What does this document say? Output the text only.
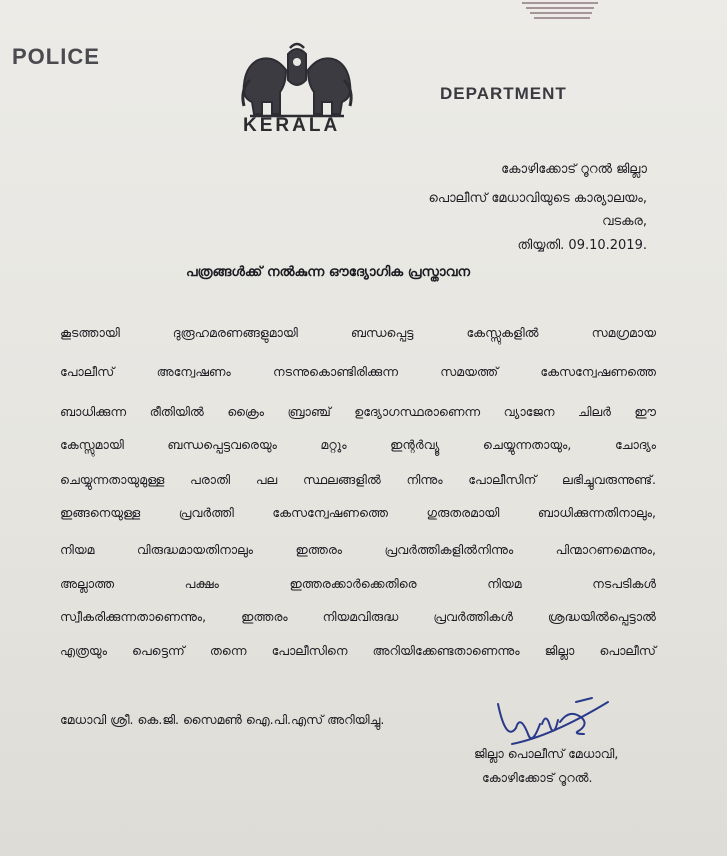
POLICE
KERALA
DEPARTMENT
കോഴിക്കോട് റൂറൽ ജില്ലാ
പൊലീസ് മേധാവിയുടെ കാര്യാലയം,
വടകര,
തിയ്യതി. 09.10.2019.
പത്രങ്ങൾക്ക് നൽകുന്ന ഔദ്യോഗിക പ്രസ്താവന
കൂടത്തായി	ദുരൂഹമരണങ്ങളുമായി	ബന്ധപ്പെട്ട	കേസ്സുകളിൽ	സമഗ്രമായ
പോലീസ്	അന്വേഷണം	നടന്നുകൊണ്ടിരിക്കുന്ന	സമയത്ത്	കേസന്വേഷണത്തെ
ബാധിക്കുന്ന രീതിയിൽ ക്രൈം ബ്രാഞ്ച് ഉദ്യോഗസ്ഥരാണെന്ന വ്യാജേന ചിലർ ഈ
കേസ്സുമായി	ബന്ധപ്പെട്ടവരെയും	മറ്റും	ഇന്റർവ്യൂ	ചെയ്യുന്നതായും,	ചോദ്യം
ചെയ്യുന്നതായുമുള്ള പരാതി പല സ്ഥലങ്ങളിൽ നിന്നും പോലീസിന് ലഭിച്ചുവരുന്നുണ്ട്.
ഇങ്ങനെയുള്ള	പ്രവർത്തി	കേസന്വേഷണത്തെ	ഗുരുതരമായി	ബാധിക്കുന്നതിനാലും,
നിയമ	വിരുദ്ധമായതിനാലും	ഇത്തരം	പ്രവർത്തികളിൽനിന്നും	പിന്മാറണമെന്നും,
അല്ലാത്ത	പക്ഷം	ഇത്തരക്കാർക്കെതിരെ	നിയമ	നടപടികൾ
സ്വീകരിക്കുന്നതാണെന്നും,	ഇത്തരം	നിയമവിരുദ്ധ	പ്രവർത്തികൾ	ശ്രദ്ധയിൽപ്പെട്ടാൽ
എത്രയും പെട്ടെന്ന് തന്നെ പോലീസിനെ അറിയിക്കേണ്ടതാണെന്നും ജില്ലാ പൊലീസ്
മേധാവി ശ്രീ. കെ.ജി. സൈമൺ ഐ.പി.എസ് അറിയിച്ചു.
ജില്ലാ പൊലീസ് മേധാവി,
കോഴിക്കോട് റൂറൽ.
